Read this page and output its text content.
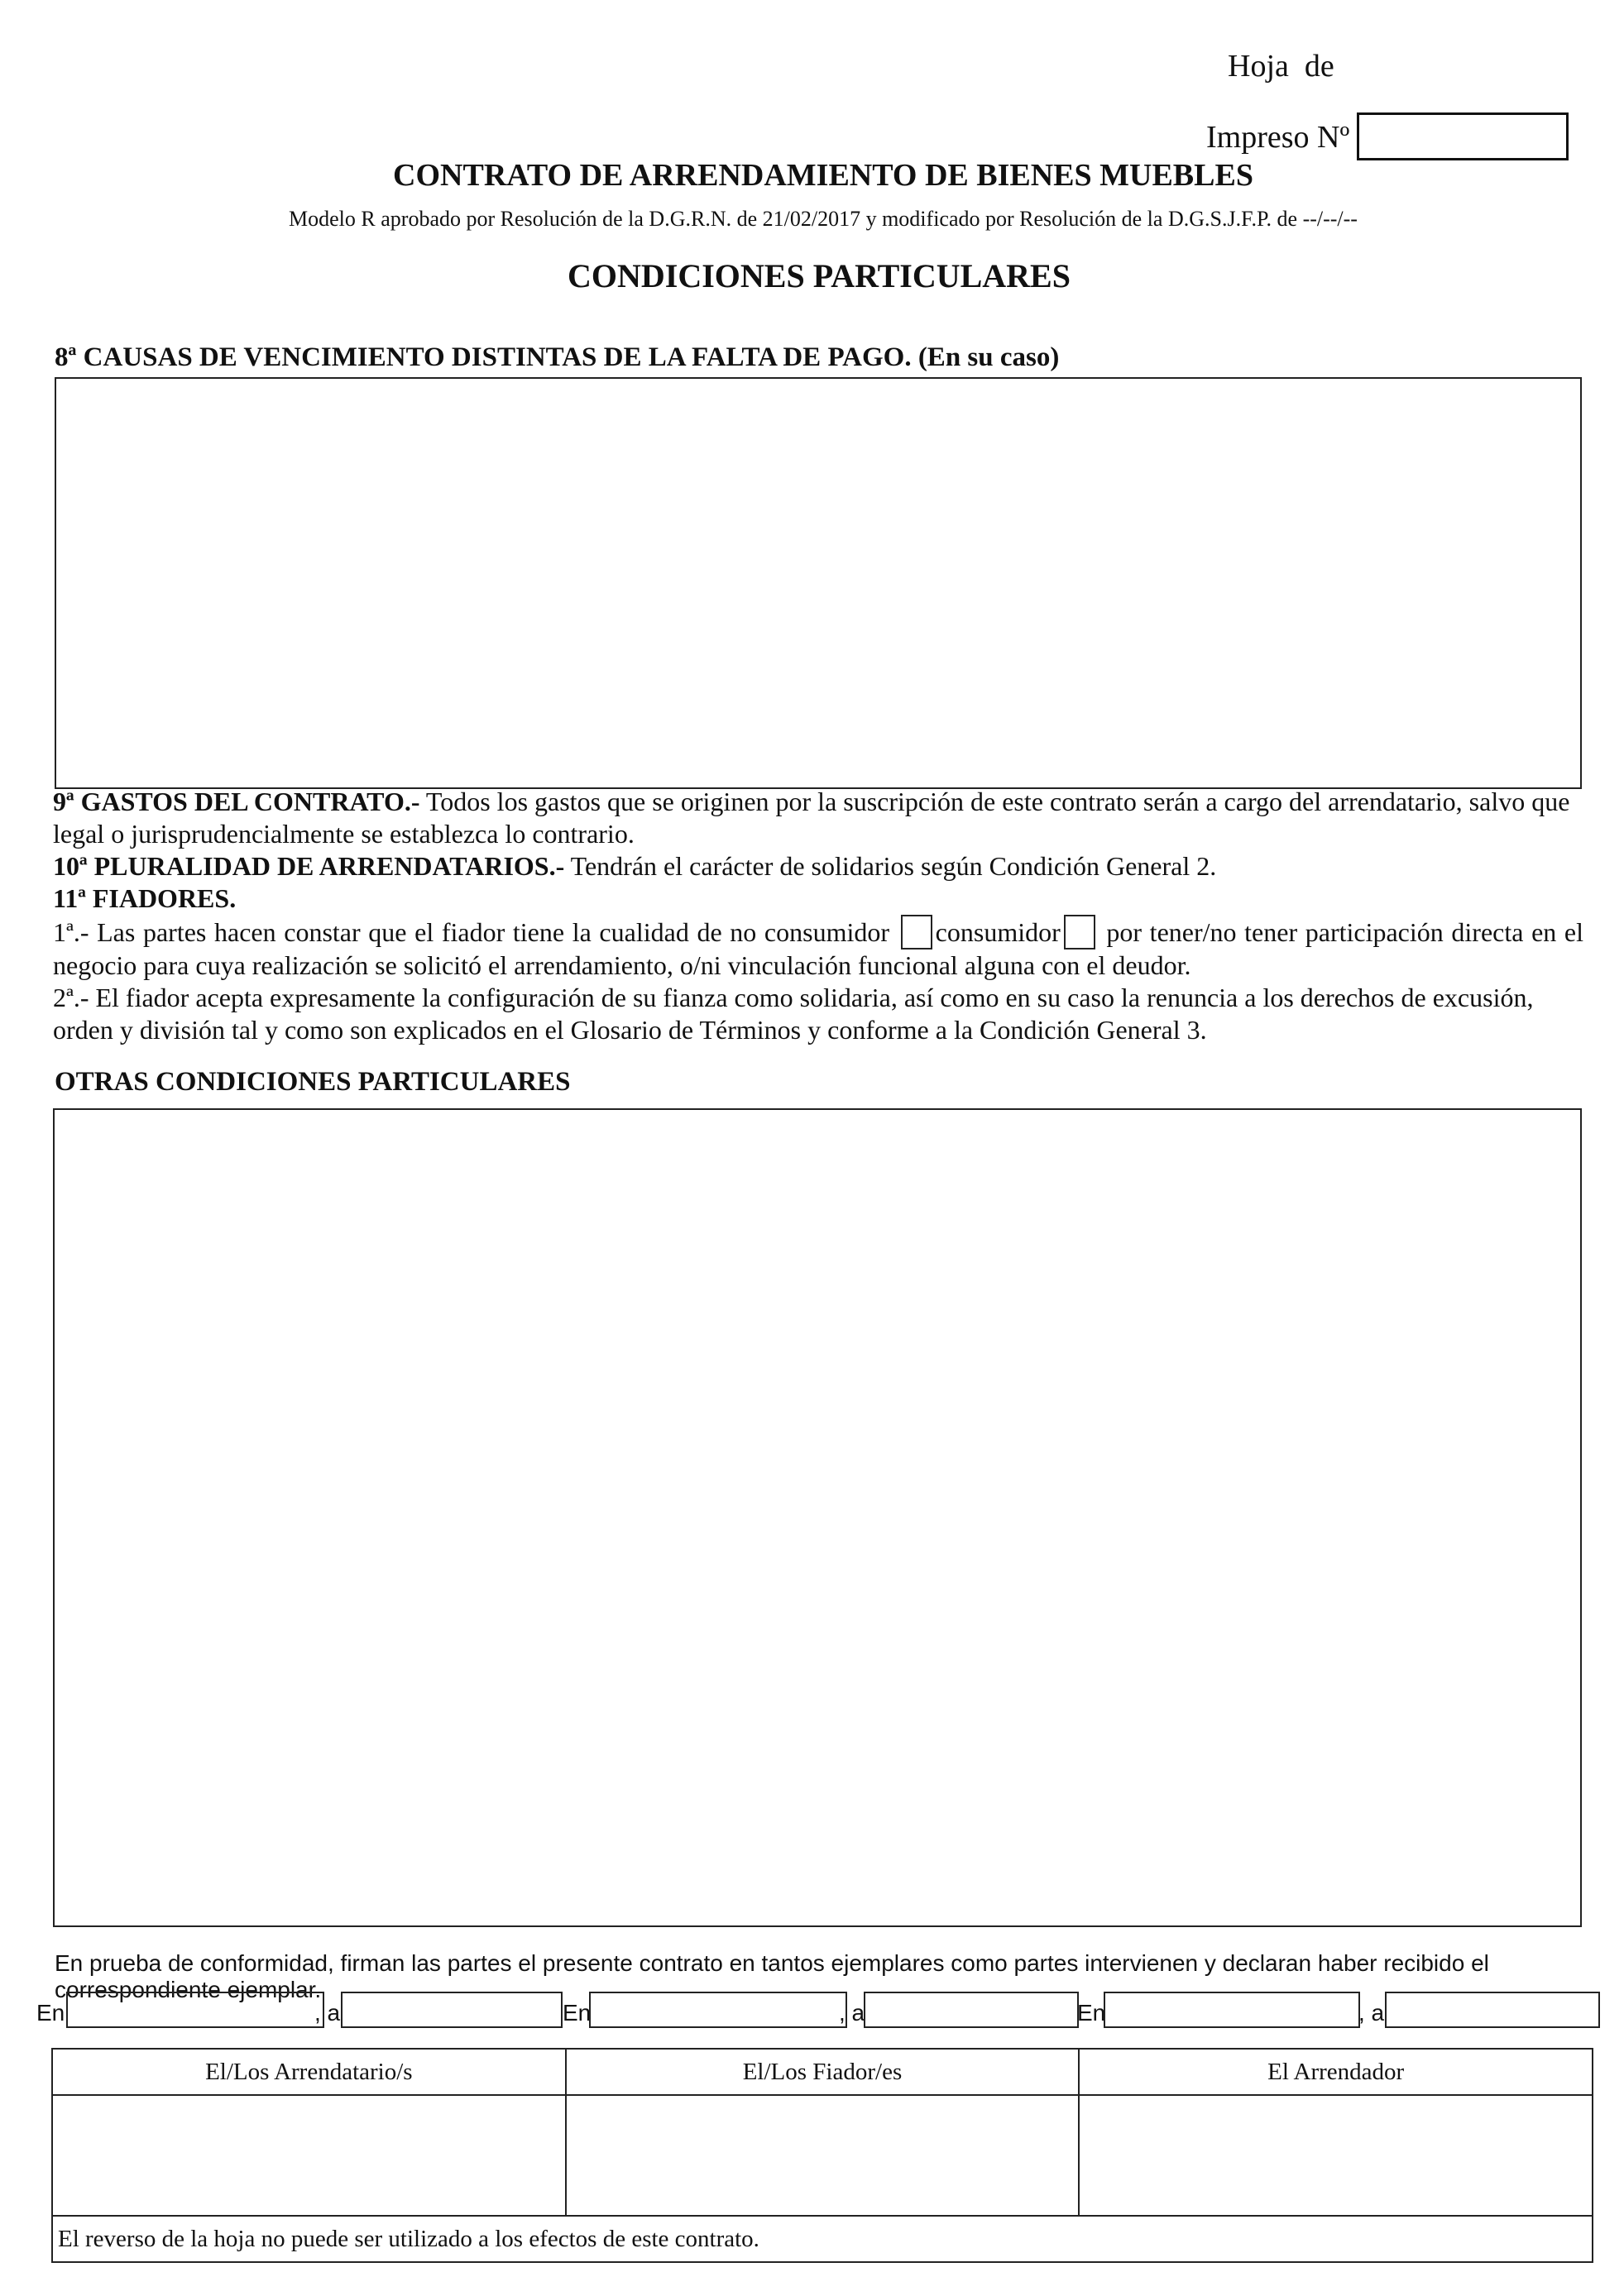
Hoja  de
Impreso Nº
CONTRATO DE ARRENDAMIENTO DE BIENES MUEBLES
Modelo R aprobado por Resolución de la D.G.R.N. de 21/02/2017 y modificado por Resolución de la D.G.S.J.F.P. de --/--/--
CONDICIONES PARTICULARES
8ª CAUSAS DE VENCIMIENTO DISTINTAS DE LA FALTA DE PAGO. (En su caso)
9ª GASTOS DEL CONTRATO.- Todos los gastos que se originen por la suscripción de este contrato serán a cargo del arrendatario, salvo que legal o jurisprudencialmente se establezca lo contrario.
10ª PLURALIDAD DE ARRENDATARIOS.- Tendrán el carácter de solidarios según Condición General 2.
11ª FIADORES.
1ª.- Las partes hacen constar que el fiador tiene la cualidad de no consumidor consumidor por tener/no tener participación directa en el negocio para cuya realización se solicitó el arrendamiento, o/ni vinculación funcional alguna con el deudor.
2ª.- El fiador acepta expresamente la configuración de su fianza como solidaria, así como en su caso la renuncia a los derechos de excusión, orden y división tal y como son explicados en el Glosario de Términos y conforme a la Condición General 3.
OTRAS CONDICIONES PARTICULARES
En prueba de conformidad, firman las partes el presente contrato en tantos ejemplares como partes intervienen y declaran haber recibido el correspondiente ejemplar.
En	, a	En	, a	En	, a
El/Los Arrendatario/s	El/Los Fiador/es	El Arrendador

El reverso de la hoja no puede ser utilizado a los efectos de este contrato.		
